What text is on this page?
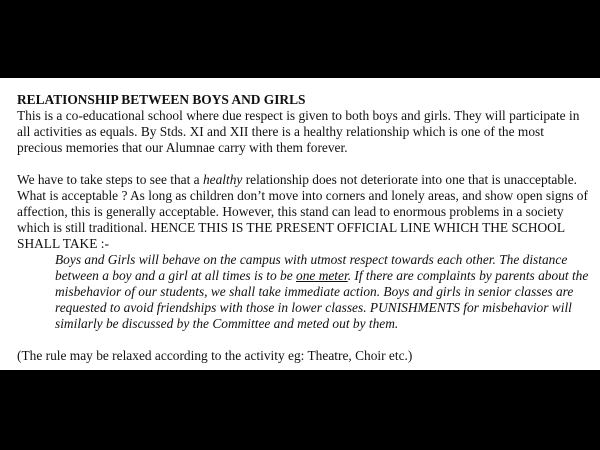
RELATIONSHIP BETWEEN BOYS AND GIRLS

This is a co-educational school where due respect is given to both boys and girls. They will participate in all activities as equals. By Stds. XI and XII there is a healthy relationship which is one of the most precious memories that our Alumnae carry with them forever.

We have to take steps to see that a healthy relationship does not deteriorate into one that is unacceptable. What is acceptable ? As long as children don’t move into corners and lonely areas, and show open signs of affection, this is generally acceptable. However, this stand can lead to enormous problems in a society which is still traditional. HENCE THIS IS THE PRESENT OFFICIAL LINE WHICH THE SCHOOL SHALL TAKE :-

Boys and Girls will behave on the campus with utmost respect towards each other. The distance between a boy and a girl at all times is to be one meter. If there are complaints by parents about the misbehavior of our students, we shall take immediate action. Boys and girls in senior classes are requested to avoid friendships with those in lower classes. PUNISHMENTS for misbehavior will similarly be discussed by the Committee and meted out by them.

(The rule may be relaxed according to the activity eg: Theatre, Choir etc.)
